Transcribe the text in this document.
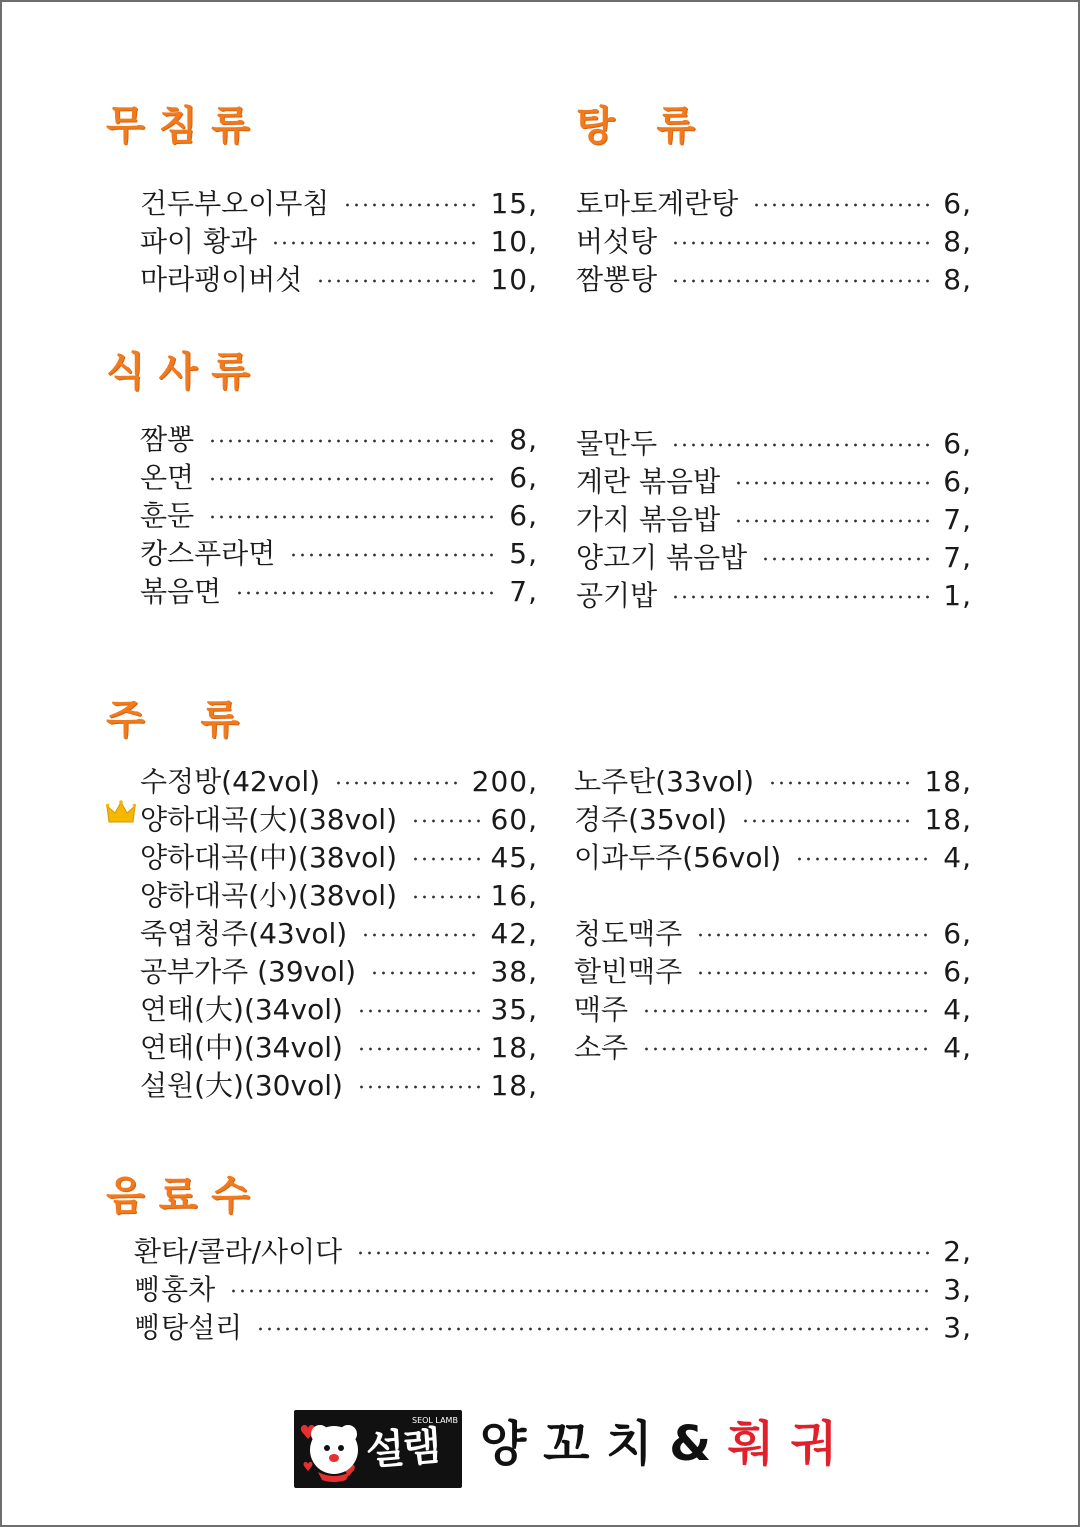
무 침 류
건두부오이무침	15,
파이 황과	10,
마라팽이버섯	10,
탕   류
토마토계란탕	6,
버섯탕	8,
짬뽕탕	8,
식 사 류
짬뽕	8,
온면	6,
훈둔	6,
캉스푸라면	5,
볶음면	7,
물만두	6,
계란 볶음밥	6,
가지 볶음밥	7,
양고기 볶음밥	7,
공기밥	1,
주    류
수정방(42vol)	200,
양하대곡(大)(38vol)	60,
양하대곡(中)(38vol)	45,
양하대곡(小)(38vol)	16,
죽엽청주(43vol)	42,
공부가주 (39vol)	38,
연태(大)(34vol)	35,
연태(中)(34vol)	18,
설원(大)(30vol)	18,
노주탄(33vol)	18,
경주(35vol)	18,
이과두주(56vol)	4,
청도맥주	6,
할빈맥주	6,
맥주	4,
소주	4,
음 료 수
환타/콜라/사이다	2,
삥홍차	3,
삥탕설리	3,
설램
SEOL LAMB 양 꼬 치 & 훠 궈
